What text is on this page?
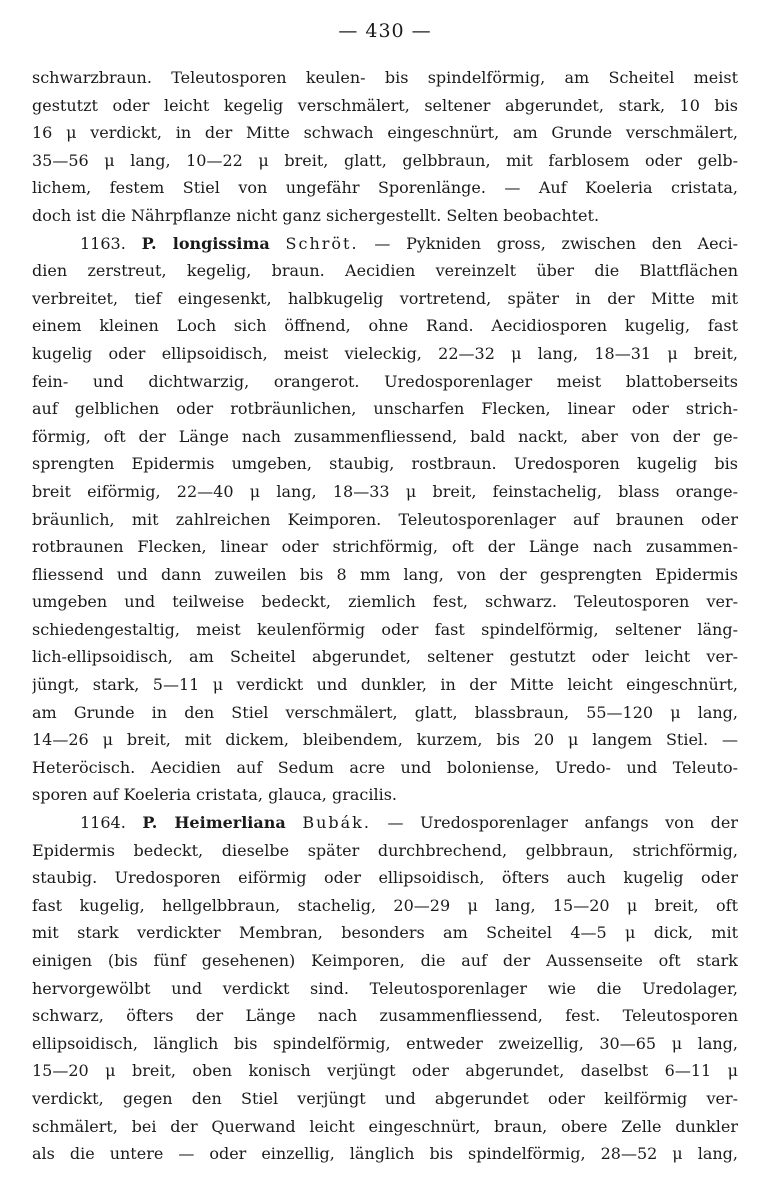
— 430 —
schwarzbraun. Teleutosporen keulen- bis spindelförmig, am Scheitel meist
gestutzt oder leicht kegelig verschmälert, seltener abgerundet, stark, 10 bis
16 μ verdickt, in der Mitte schwach eingeschnürt, am Grunde verschmälert,
35—56 μ lang, 10—22 μ breit, glatt, gelbbraun, mit farblosem oder gelb-
lichem, festem Stiel von ungefähr Sporenlänge. — Auf Koeleria cristata,
doch ist die Nährpflanze nicht ganz sichergestellt. Selten beobachtet.
1163. P. longissima Schröt. — Pykniden gross, zwischen den Aeci-
dien zerstreut, kegelig, braun. Aecidien vereinzelt über die Blattflächen
verbreitet, tief eingesenkt, halbkugelig vortretend, später in der Mitte mit
einem kleinen Loch sich öffnend, ohne Rand. Aecidiosporen kugelig, fast
kugelig oder ellipsoidisch, meist vieleckig, 22—32 μ lang, 18—31 μ breit,
fein- und dichtwarzig, orangerot. Uredosporenlager meist blattoberseits
auf gelblichen oder rotbräunlichen, unscharfen Flecken, linear oder strich-
förmig, oft der Länge nach zusammenfliessend, bald nackt, aber von der ge-
sprengten Epidermis umgeben, staubig, rostbraun. Uredosporen kugelig bis
breit eiförmig, 22—40 μ lang, 18—33 μ breit, feinstachelig, blass orange-
bräunlich, mit zahlreichen Keimporen. Teleutosporenlager auf braunen oder
rotbraunen Flecken, linear oder strichförmig, oft der Länge nach zusammen-
fliessend und dann zuweilen bis 8 mm lang, von der gesprengten Epidermis
umgeben und teilweise bedeckt, ziemlich fest, schwarz. Teleutosporen ver-
schiedengestaltig, meist keulenförmig oder fast spindelförmig, seltener läng-
lich-ellipsoidisch, am Scheitel abgerundet, seltener gestutzt oder leicht ver-
jüngt, stark, 5—11 μ verdickt und dunkler, in der Mitte leicht eingeschnürt,
am Grunde in den Stiel verschmälert, glatt, blassbraun, 55—120 μ lang,
14—26 μ breit, mit dickem, bleibendem, kurzem, bis 20 μ langem Stiel. —
Heteröcisch. Aecidien auf Sedum acre und boloniense, Uredo- und Teleuto-
sporen auf Koeleria cristata, glauca, gracilis.
1164. P. Heimerliana Bubák. — Uredosporenlager anfangs von der
Epidermis bedeckt, dieselbe später durchbrechend, gelbbraun, strichförmig,
staubig. Uredosporen eiförmig oder ellipsoidisch, öfters auch kugelig oder
fast kugelig, hellgelbbraun, stachelig, 20—29 μ lang, 15—20 μ breit, oft
mit stark verdickter Membran, besonders am Scheitel 4—5 μ dick, mit
einigen (bis fünf gesehenen) Keimporen, die auf der Aussenseite oft stark
hervorgewölbt und verdickt sind. Teleutosporenlager wie die Uredolager,
schwarz, öfters der Länge nach zusammenfliessend, fest. Teleutosporen
ellipsoidisch, länglich bis spindelförmig, entweder zweizellig, 30—65 μ lang,
15—20 μ breit, oben konisch verjüngt oder abgerundet, daselbst 6—11 μ
verdickt, gegen den Stiel verjüngt und abgerundet oder keilförmig ver-
schmälert, bei der Querwand leicht eingeschnürt, braun, obere Zelle dunkler
als die untere — oder einzellig, länglich bis spindelförmig, 28—52 μ lang,
